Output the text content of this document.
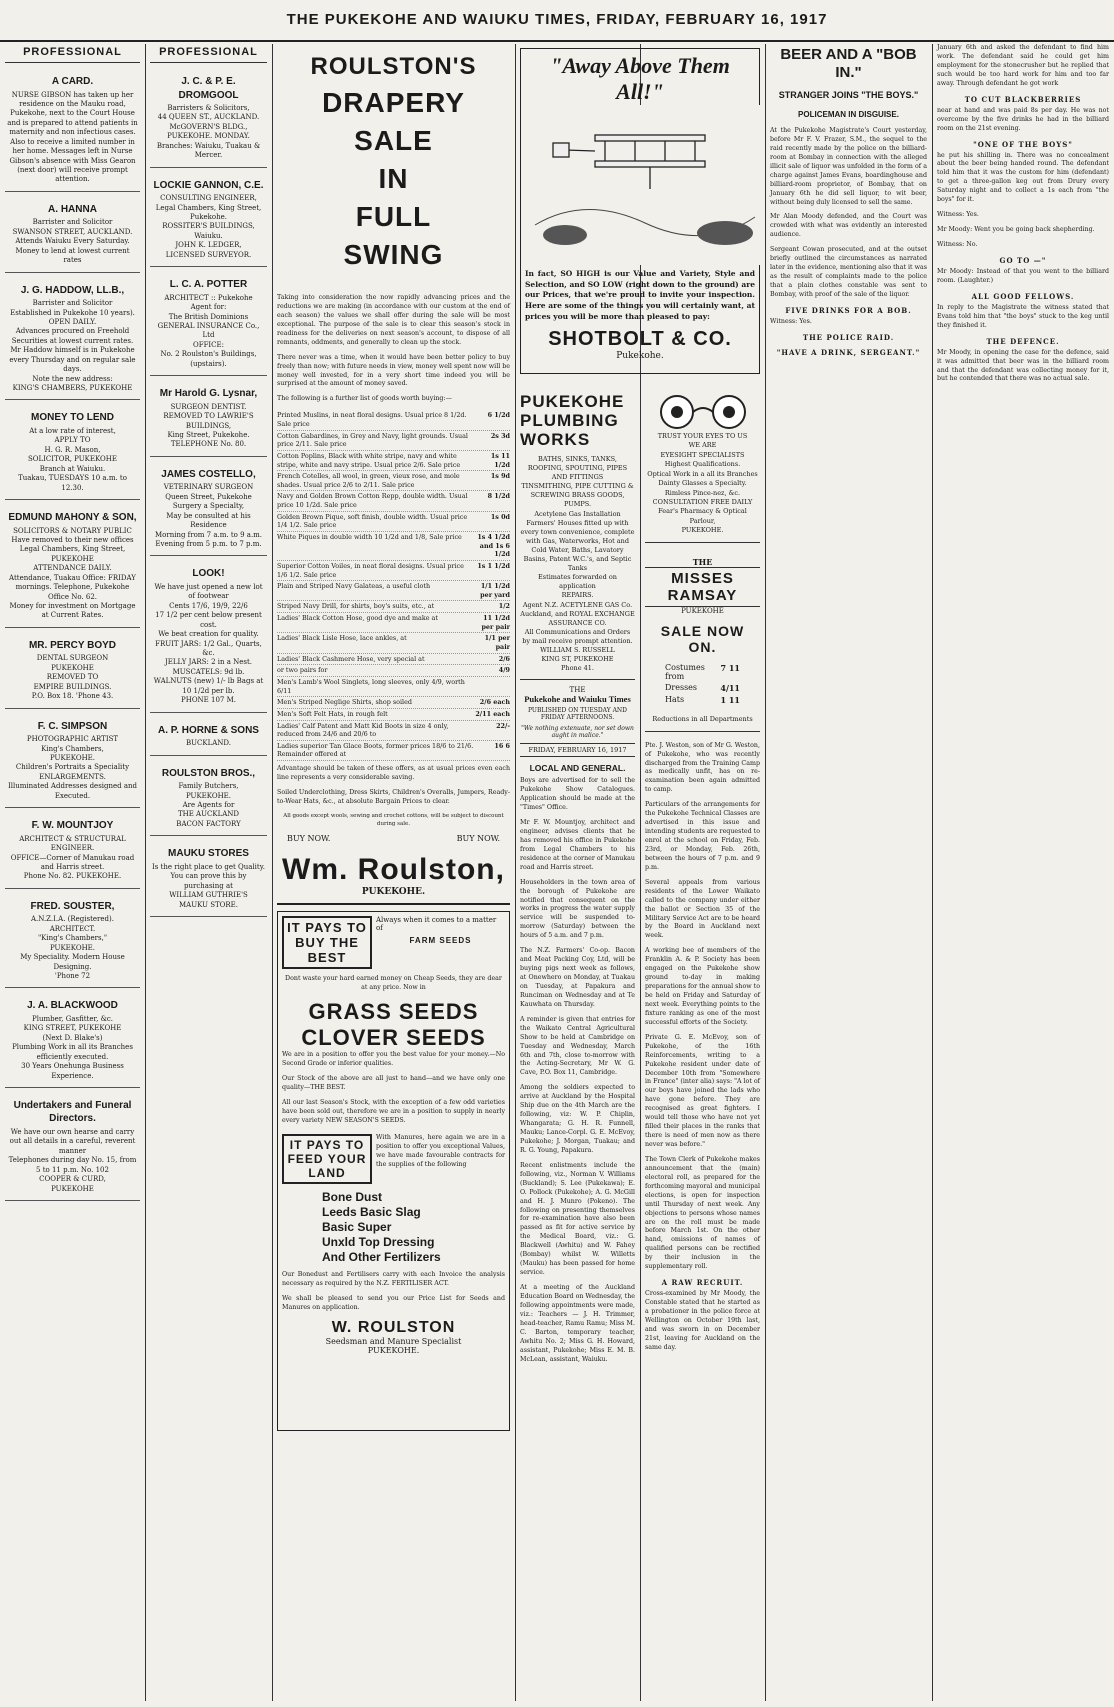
THE PUKEKOHE AND WAIUKU TIMES, FRIDAY, FEBRUARY 16, 1917
PROFESSIONAL
A CARD.
NURSE GIBSON has taken up her residence on the Mauku road, Pukekohe, next to the Court House and is prepared to attend patients in maternity and non infectious cases. Also to receive a limited number in her home. Messages left in Nurse Gibson's absence with Miss Gearon (next door) will receive prompt attention.
A. HANNA
Barrister and Solicitor
SWANSON STREET, AUCKLAND.
Attends Waiuku Every Saturday.
Money to lend at lowest current rates
J. G. HADDOW, LL.B.,
Barrister and Solicitor
Established in Pukekohe 10 years).
OPEN DAILY.
Advances procured on Freehold Securities at lowest current rates.
Mr Haddow himself is in Pukekohe every Thursday and on regular sale days.
Note the new address:
KING'S CHAMBERS, PUKEKOHE
MONEY TO LEND
At a low rate of interest,
APPLY TO
H. G. R. Mason,
SOLICITOR, PUKEKOHE
Branch at Waiuku.
Tuakau, TUESDAYS 10 a.m. to 12.30.
EDMUND MAHONY & SON,
SOLICITORS & NOTARY PUBLIC
Have removed to their new offices
Legal Chambers, King Street,
PUKEKOHE
ATTENDANCE DAILY.
Attendance, Tuakau Office: FRIDAY mornings. Telephone, Pukekohe Office No. 62.
Money for investment on Mortgage at Current Rates.
MR. PERCY BOYD
DENTAL SURGEON
PUKEKOHE
REMOVED TO
EMPIRE BUILDINGS.
P.O. Box 18. 'Phone 43.
F. C. SIMPSON
PHOTOGRAPHIC ARTIST
King's Chambers,
PUKEKOHE.
Children's Portraits a Speciality
ENLARGEMENTS.
Illuminated Addresses designed and Executed.
F. W. MOUNTJOY
ARCHITECT & STRUCTURAL ENGINEER.
OFFICE—Corner of Manukau road and Harris street.
Phone No. 82. PUKEKOHE.
FRED. SOUSTER,
A.N.Z.I.A. (Registered).
ARCHITECT.
"King's Chambers,"
PUKEKOHE.
My Speciality. Modern House Designing.
'Phone 72
J. A. BLACKWOOD
Plumber, Gasfitter, &c.
KING STREET, PUKEKOHE
(Next D. Blake's)
Plumbing Work in all its Branches efficiently executed.
30 Years Onehunga Business Experience.
Undertakers and Funeral Directors.
We have our own hearse and carry out all details in a careful, reverent manner
Telephones during day No. 15, from 5 to 11 p.m. No. 102
COOPER & CURD,
PUKEKOHE
PROFESSIONAL
J. C. & P. E. DROMGOOL
Barristers & Solicitors,
44 QUEEN ST., AUCKLAND.
McGOVERN'S BLDG., PUKEKOHE. MONDAY.
Branches: Waiuku, Tuakau & Mercer.
LOCKIE GANNON, C.E.
CONSULTING ENGINEER,
Legal Chambers, King Street, Pukekohe.
ROSSITER'S BUILDINGS, Waiuku.
JOHN K. LEDGER,
LICENSED SURVEYOR.
L. C. A. POTTER
ARCHITECT :: Pukekohe
Agent for:
The British Dominions GENERAL INSURANCE Co., Ltd
OFFICE:
No. 2 Roulston's Buildings, (upstairs).
Mr Harold G. Lysnar,
SURGEON DENTIST.
REMOVED TO LAWRIE'S BUILDINGS,
King Street, Pukekohe.
TELEPHONE No. 80.
JAMES COSTELLO,
VETERINARY SURGEON
Queen Street, Pukekohe
Surgery a Specialty,
May be consulted at his Residence
Morning from 7 a.m. to 9 a.m.
Evening from 5 p.m. to 7 p.m.
LOOK!
We have just opened a new lot of footwear
Cents 17/6, 19/9, 22/6
17 1/2 per cent below present cost.
We beat creation for quality.
FRUIT JARS: 1/2 Gal., Quarts, &c.
JELLY JARS: 2 in a Nest.
MUSCATELS: 9d lb.
WALNUTS (new) 1/- lb Bags at 10 1/2d per lb.
PHONE 107 M.
A. P. HORNE & SONS
BUCKLAND.
ROULSTON BROS.,
Family Butchers,
PUKEKOHE.
Are Agents for
THE AUCKLAND
BACON FACTORY
MAUKU STORES
Is the right place to get Quality. You can prove this by purchasing at
WILLIAM GUTHRIE'S
MAUKU STORE.
ROULSTON'S
DRAPERY
SALE
IN
FULL
SWING

Taking into consideration the now rapidly advancing prices and the reductions we are making (in accordance with our custom at the end of each season) the values we shall offer during the sale will be most exceptional. The purpose of the sale is to clear this season's stock in readiness for the deliveries on next season's account, to dispose of all remnants, oddments, and generally to clean up the stock.

There never was a time, when it would have been better policy to buy freely than now; with future needs in view, money well spent now will be money well invested, for in a very short time indeed you will be surprised at the amount of money saved.

The following is a further list of goods worth buying:—

Printed Muslins, in neat floral designs. Usual price 8 1/2d. Sale price
6 1/2d
Cotton Gabardines, in Grey and Navy, light grounds. Usual price 2/11. Sale price
2s 3d
Cotton Poplins, Black with white stripe, navy and white stripe, white and navy stripe. Usual price 2/6. Sale price
1s 11 1/2d
French Cotelles, all wool, in green, vieux rose, and mole shades. Usual price 2/6 to 2/11. Sale price
1s 9d
Navy and Golden Brown Cotton Repp, double width. Usual price 10 1/2d. Sale price
8 1/2d
Golden Brown Pique, soft finish, double width. Usual price 1/4 1/2. Sale price
1s 0d
White Piques in double width 10 1/2d and 1/8, Sale price	1s 4 1/2d and 1s 6 1/2d
Superior Cotton Voiles, in neat floral designs. Usual price 1/6 1/2. Sale price
1s 1 1/2d
Plain and Striped Navy Galateas, a useful cloth	1/1 1/2d per yard
Striped Navy Drill, for shirts, boy's suits, etc., at	1/2
Ladies' Black Cotton Hose, good dye and make at	11 1/2d per pair
Ladies' Black Lisle Hose, lace ankles, at	1/1 per pair
Ladies' Black Cashmere Hose, very special at	2/6
or two pairs for	4/9
Men's Lamb's Wool Singlets, long sleeves, only 4/9, worth 6/11
Men's Striped Neglige Shirts, shop soiled	2/6 each
Men's Soft Felt Hats, in rough felt	2/11 each
Ladies' Calf Patent and Matt Kid Boots in size 4 only, reduced from 24/6 and 20/6 to
22/-
Ladies superior Tan Glace Boots, former prices 18/6 to 21/6. Remainder offered at
16 6

Advantage should be taken of these offers, as at usual prices even each line represents a very considerable saving.

Soiled Underclothing, Dress Skirts, Children's Overalls, Jumpers, Ready-to-Wear Hats, &c., at absolute Bargain Prices to clear.

All goods except wools, sewing and crochet cottons, will be subject to discount during sale.

BUY NOW.	BUY NOW.
Wm. Roulston,
PUKEKOHE.
IT PAYS TO BUY THE BEST
Always when it comes to a matter of
FARM SEEDS

Dont waste your hard earned money on Cheap Seeds, they are dear at any price. Now in

GRASS SEEDS
CLOVER SEEDS

We are in a position to offer you the best value for your money.—No Second Grade or inferior qualities.

Our Stock of the above are all just to hand—and we have only one quality—THE BEST.

All our last Season's Stock, with the exception of a few odd varieties have been sold out, therefore we are in a position to supply in nearly every variety NEW SEASON'S SEEDS.

IT PAYS TO FEED YOUR LAND

With Manures, here again we are in a position to offer you exceptional Values, we have made favourable contracts for the supplies of the following

Bone Dust
Leeds Basic Slag
Basic Super
Unxld Top Dressing
And Other Fertilizers

Our Bonedust and Fertilisers carry with each Invoice the analysis necessary as required by the N.Z. FERTILISER ACT.

We shall be pleased to send you our Price List for Seeds and Manures on application.

W. ROULSTON
Seedsman and Manure Specialist
PUKEKOHE.
"Away Above Them All!"

In fact, SO HIGH is our Value and Variety, Style and Selection, and SO LOW (right down to the ground) are our Prices, that we're proud to invite your inspection. Here are some of the things you will certainly want, at prices you will be more than pleased to pay:

SHOTBOLT & CO.
Pukekohe.
PUKEKOHE PLUMBING WORKS
BATHS, SINKS, TANKS, ROOFING, SPOUTING, PIPES AND FITTINGS
TINSMITHING, PIPE CUTTING & SCREWING BRASS GOODS, PUMPS.
Acetylene Gas Installation
Farmers' Houses fitted up with every town convenience, complete with Gas, Waterworks, Hot and Cold Water, Baths, Lavatory Basins, Patent W.C.'s, and Septic Tanks
Estimates forwarded on application
REPAIRS.
Agent N.Z. ACETYLENE GAS Co. Auckland, and ROYAL EXCHANGE ASSURANCE CO.
All Communications and Orders by mail receive prompt attention.
WILLIAM S. RUSSELL
KING ST, PUKEKOHE
Phone 41.
THE
Pukekohe and Waiuku Times
PUBLISHED ON TUESDAY AND FRIDAY AFTERNOONS.
"We nothing extenuate, nor set down aught in malice."
FRIDAY, FEBRUARY 16, 1917
LOCAL AND GENERAL.

Boys are advertised for to sell the Pukekohe Show Catalogues. Application should be made at the "Times" Office.

Mr F. W. Mountjoy, architect and engineer, advises clients that he has removed his office in Pukekohe from Legal Chambers to his residence at the corner of Manukau road and Harris street.

Householders in the town area of the borough of Pukekohe are notified that consequent on the works in progress the water supply service will be suspended to-morrow (Saturday) between the hours of 5 a.m. and 7 p.m.

The N.Z. Farmers' Co-op. Bacon and Meat Packing Coy, Ltd, will be buying pigs next week as follows, at Onewhero on Monday, at Tuakau on Tuesday, at Papakura and Runciman on Wednesday and at Te Kauwhata on Thursday.

A reminder is given that entries for the Waikato Central Agricultural Show to be held at Cambridge on Tuesday and Wednesday, March 6th and 7th, close to-morrow with the Acting-Secretary, Mr W. G. Cave, P.O. Box 11, Cambridge.

Among the soldiers expected to arrive at Auckland by the Hospital Ship due on the 4th March are the following, viz: W. P. Chiplin, Whangarata; G. H. R. Funnell, Mauku; Lance-Corpl. G. E. McEvoy, Pukekohe; J. Morgan, Tuakau; and R. G. Young, Papakura.

Recent enlistments include the following, viz., Norman V. Williams (Buckland); S. Lee (Pukekawa); E. O. Pollock (Pukekohe); A. G. McGill and H. J. Munro (Pokeno). The following on presenting themselves for re-examination have also been passed as fit for active service by the Medical Board, viz.: G. Blackwell (Awhitu) and W. Fahey (Bombay) whilst W. Willetts (Mauku) has been passed for home service.

At a meeting of the Auckland Education Board on Wednesday, the following appointments were made, viz.: Teachers — J. H. Trimmer, head-teacher, Ramu Ramu; Miss M. C. Barton, temporary teacher, Awhitu No. 2; Miss G. H. Howard, assistant, Pukekohe; Miss E. M. B. McLean, assistant, Waiuku.

TRUST YOUR EYES TO US
WE ARE
EYESIGHT SPECIALISTS
Highest Qualifications.
Optical Work in a all its Branches Dainty Glasses a Specialty.
Rimless Pince-nez, &c.
CONSULTATION FREE DAILY
Fear's Pharmacy & Optical Parlour,
PUKEKOHE.
THE
MISSES RAMSAY
PUKEKOHE
SALE NOW ON.
Costumes from
7 11
Dresses	4/11
Hats	1 11
Reductions in all Departments

Pte. J. Weston, son of Mr G. Weston, of Pukekohe, who was recently discharged from the Training Camp as medically unfit, has on re-examination been again admitted to camp.

Particulars of the arrangements for the Pukekohe Technical Classes are advertised in this issue and intending students are requested to enrol at the school on Friday, Feb. 23rd, or Monday, Feb. 26th, between the hours of 7 p.m. and 9 p.m.

Several appeals from various residents of the Lower Waikato called to the company under either the ballot or Section 35 of the Military Service Act are to be heard by the Board in Auckland next week.

A working bee of members of the Franklin A. & P. Society has been engaged on the Pukekohe show ground to-day in making preparations for the annual show to be held on Friday and Saturday of next week. Everything points to the fixture ranking as one of the most successful efforts of the Society.

Private G. E. McEvoy, son of Pukekohe, of the 16th Reinforcements, writing to a Pukekohe resident under date of December 10th from "Somewhere in France" (inter alia) says: "A lot of our boys have joined the lads who have gone before. They are recognised as great fighters. I would tell those who have not yet filled their places in the ranks that there is need of men now as there never was before."

The Town Clerk of Pukekohe makes announcement that the (main) electoral roll, as prepared for the forthcoming mayoral and municipal elections, is open for inspection until Thursday of next week. Any objections to persons whose names are on the roll must be made before March 1st. On the other hand, omissions of names of qualified persons can be rectified by their inclusion in the supplementary roll.

A RAW RECRUIT.

Cross-examined by Mr Moody, the Constable stated that he started as a probationer in the police force at Wellington on October 19th last, and was sworn in on December 21st, leaving for Auckland on the same day.

BEER AND A "BOB IN."
STRANGER JOINS "THE BOYS."
POLICEMAN IN DISGUISE.

At the Pukekohe Magistrate's Court yesterday, before Mr F. V. Frazer, S.M., the sequel to the raid recently made by the police on the billiard-room at Bombay in connection with the alleged illicit sale of liquor was unfolded in the form of a charge against James Evans, boardinghouse and billiard-room proprietor, of Bombay, that on January 6th he did sell liquor, to wit beer, without being duly licensed to sell the same.

Mr Alan Moody defended, and the Court was crowded with what was evidently an interested audience.

Sergeant Cowan prosecuted, and at the outset briefly outlined the circumstances as narrated later in the evidence, mentioning also that it was as the result of complaints made to the police that a plain clothes constable was sent to Bombay, with proof of the sale of the liquor.

FIVE DRINKS FOR A BOB.

Witness: Yes.

THE POLICE RAID.
"HAVE A DRINK, SERGEANT."

January 6th and asked the defendant to find him work. The defendant said he could get him employment for the stonecrusher but he replied that such would be too hard work for him and too far away. Through defendant he got work

TO CUT BLACKBERRIES

near at hand and was paid 8s per day. He was not overcome by the five drinks he had in the billiard room on the 21st evening.

"ONE OF THE BOYS"

he put his shilling in. There was no concealment about the beer being handed round. The defendant told him that it was the custom for him (defendant) to get a three-gallon keg out from Drury every Saturday night and to collect a 1s each from "the boys" for it.

Witness: Yes.

Mr Moody: Went you be going back shepherding.

Witness: No.

GO TO —"

Mr Moody: Instead of that you went to the billiard room. (Laughter.)

ALL GOOD FELLOWS.

In reply to the Magistrate the witness stated that Evans told him that "the boys" stuck to the keg until they finished it.

THE DEFENCE.

Mr Moody, in opening the case for the defence, said it was admitted that beer was in the billiard room and that the defendant was collecting money for it, but he contended that there was no actual sale.
